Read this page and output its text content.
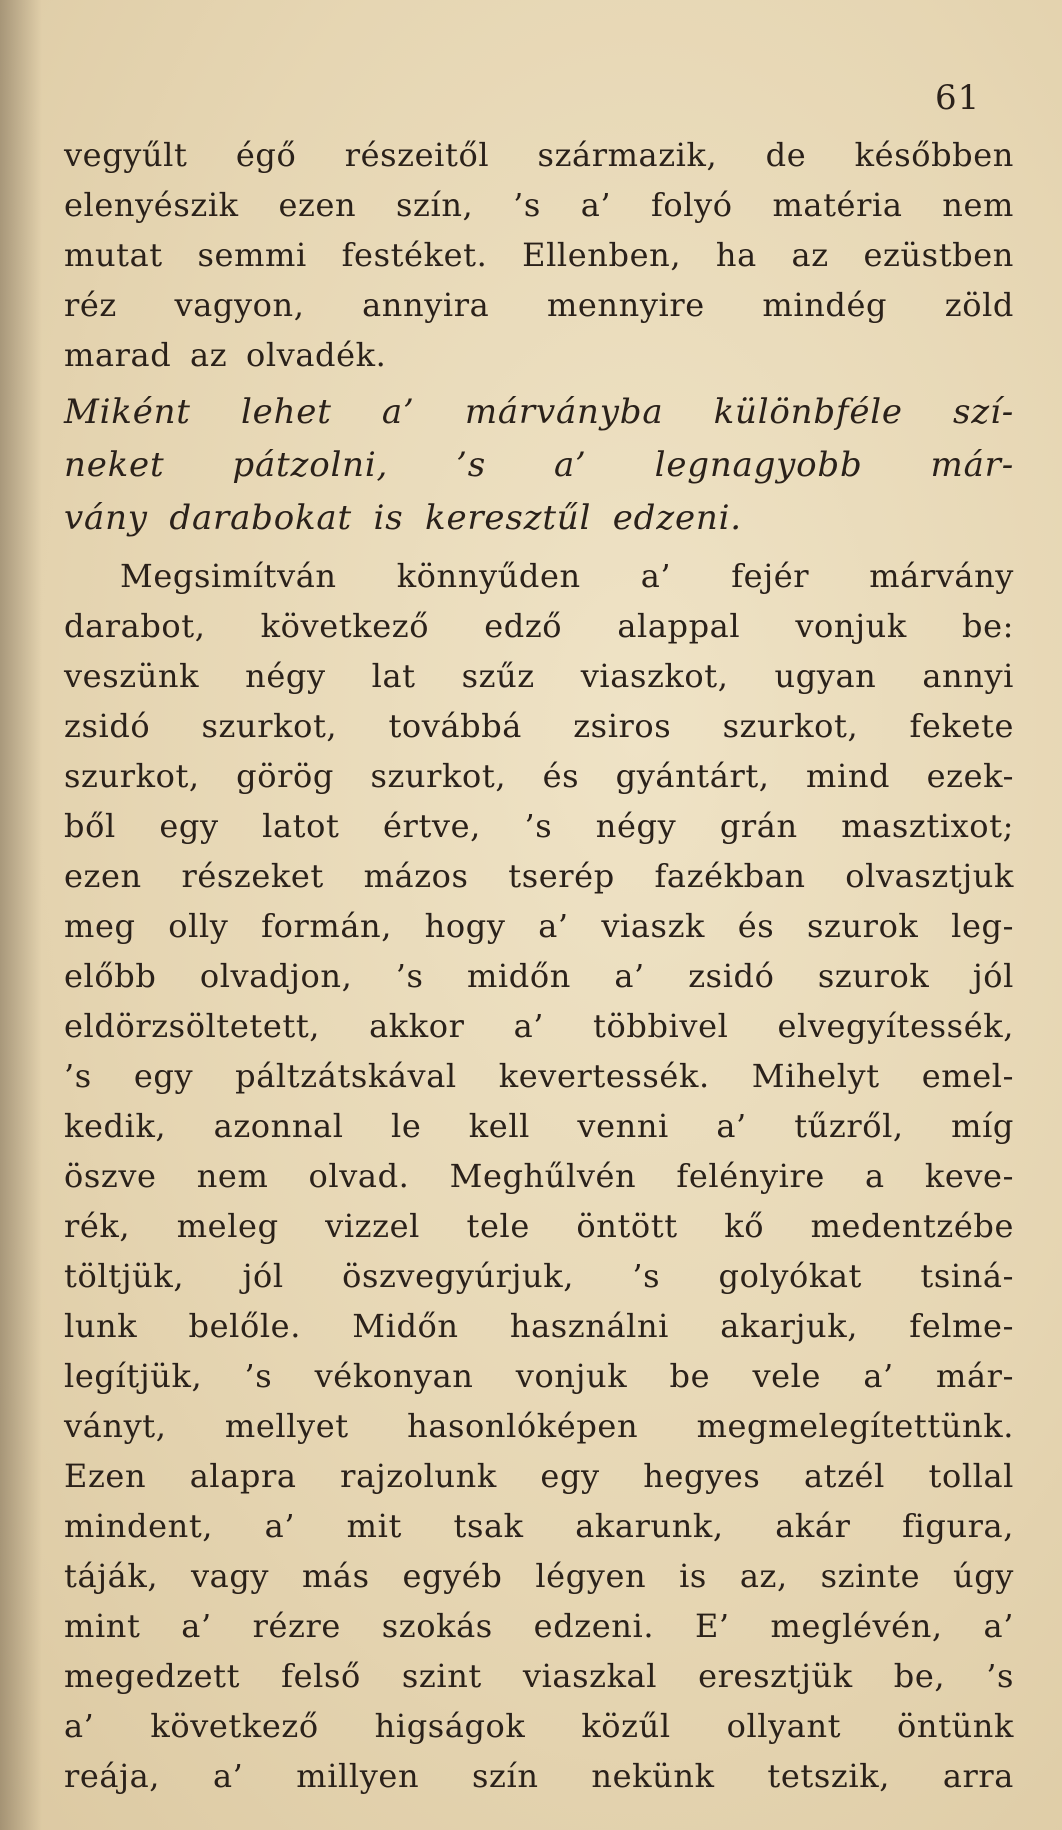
61
vegyűlt égő részeitől származik, de későbben
elenyészik ezen szín, ’s a’ folyó matéria nem
mutat semmi festéket. Ellenben, ha az ezüstben
réz vagyon, annyira mennyire mindég zöld
marad az olvadék.
Miként lehet a’ márványba különbféle szí-
neket pátzolni, ’s a’ legnagyobb már-
vány darabokat is keresztűl edzeni.
Megsimítván könnyűden a’ fejér márvány
darabot, következő edző alappal vonjuk be:
veszünk négy lat szűz viaszkot, ugyan annyi
zsidó szurkot, továbbá zsiros szurkot, fekete
szurkot, görög szurkot, és gyántárt, mind ezek-
ből egy latot értve, ’s négy grán masztixot;
ezen részeket mázos tserép fazékban olvasztjuk
meg olly formán, hogy a’ viaszk és szurok leg-
előbb olvadjon, ’s midőn a’ zsidó szurok jól
eldörzsöltetett, akkor a’ többivel elvegyítessék,
’s egy páltzátskával kevertessék. Mihelyt emel-
kedik, azonnal le kell venni a’ tűzről, míg
öszve nem olvad. Meghűlvén felényire a keve-
rék, meleg vizzel tele öntött kő medentzébe
töltjük, jól öszvegyúrjuk, ’s golyókat tsiná-
lunk belőle. Midőn használni akarjuk, felme-
legítjük, ’s vékonyan vonjuk be vele a’ már-
ványt, mellyet hasonlóképen megmelegítettünk.
Ezen alapra rajzolunk egy hegyes atzél tollal
mindent, a’ mit tsak akarunk, akár figura,
táják, vagy más egyéb légyen is az, szinte úgy
mint a’ rézre szokás edzeni. E’ meglévén, a’
megedzett felső szint viaszkal eresztjük be, ’s
a’ következő higságok közűl ollyant öntünk
reája, a’ millyen szín nekünk tetszik, arra
